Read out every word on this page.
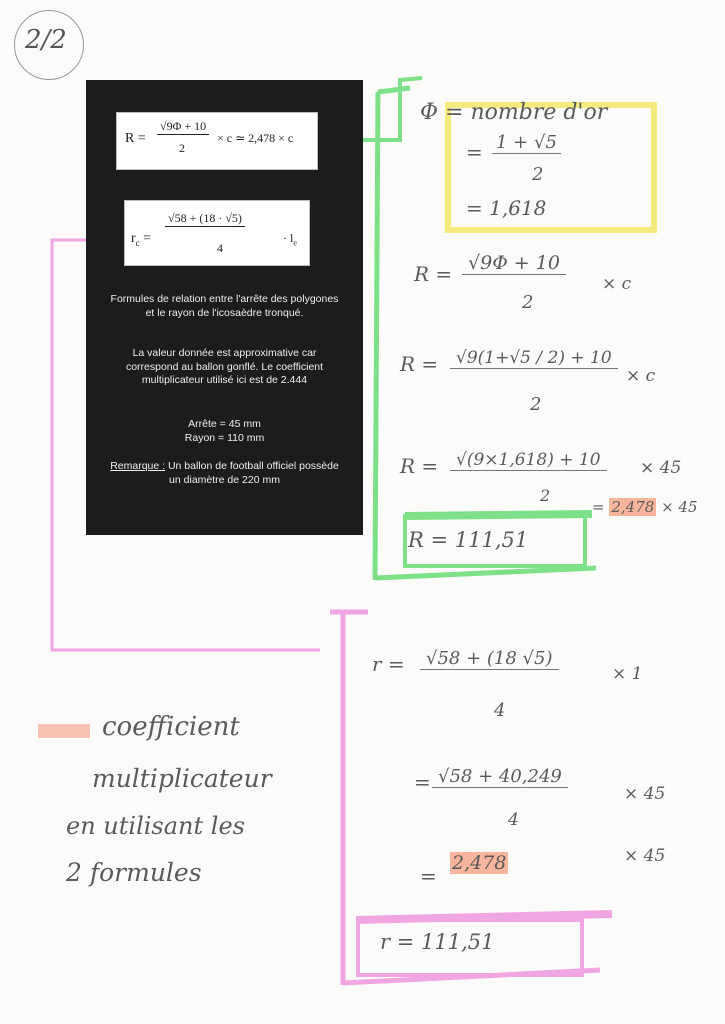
2/2
R =
√9Φ + 10
2
× c ≃ 2,478 × c
$r_c$ =
√58 + (18 · √5)
4
· $l_e$
Formules de relation entre l'arrête des polygones et le rayon de l'icosaèdre tronqué.
La valeur donnée est approximative car correspond au ballon gonflé. Le coefficient multiplicateur utilisé ici est de 2.444
Arrête = 45 mm
Rayon = 110 mm
Remarque : Un ballon de football officiel possède un diamètre de 220 mm
Φ = nombre d'or
= 1 + √5
2
= 1,618
R = √9Φ + 10
2
× c
R =	√9(1+√5 / 2) + 10
2
× c
R =	√(9×1,618) + 10
2
× 45
= 2,478 × 45
R = 111,51
r =	√58 + (18 √5)
4
× 1
= √58 + 40,249
4
× 45
=
2,478	× 45
r = 111,51
coefficient
multiplicateur
en utilisant les
2 formules
